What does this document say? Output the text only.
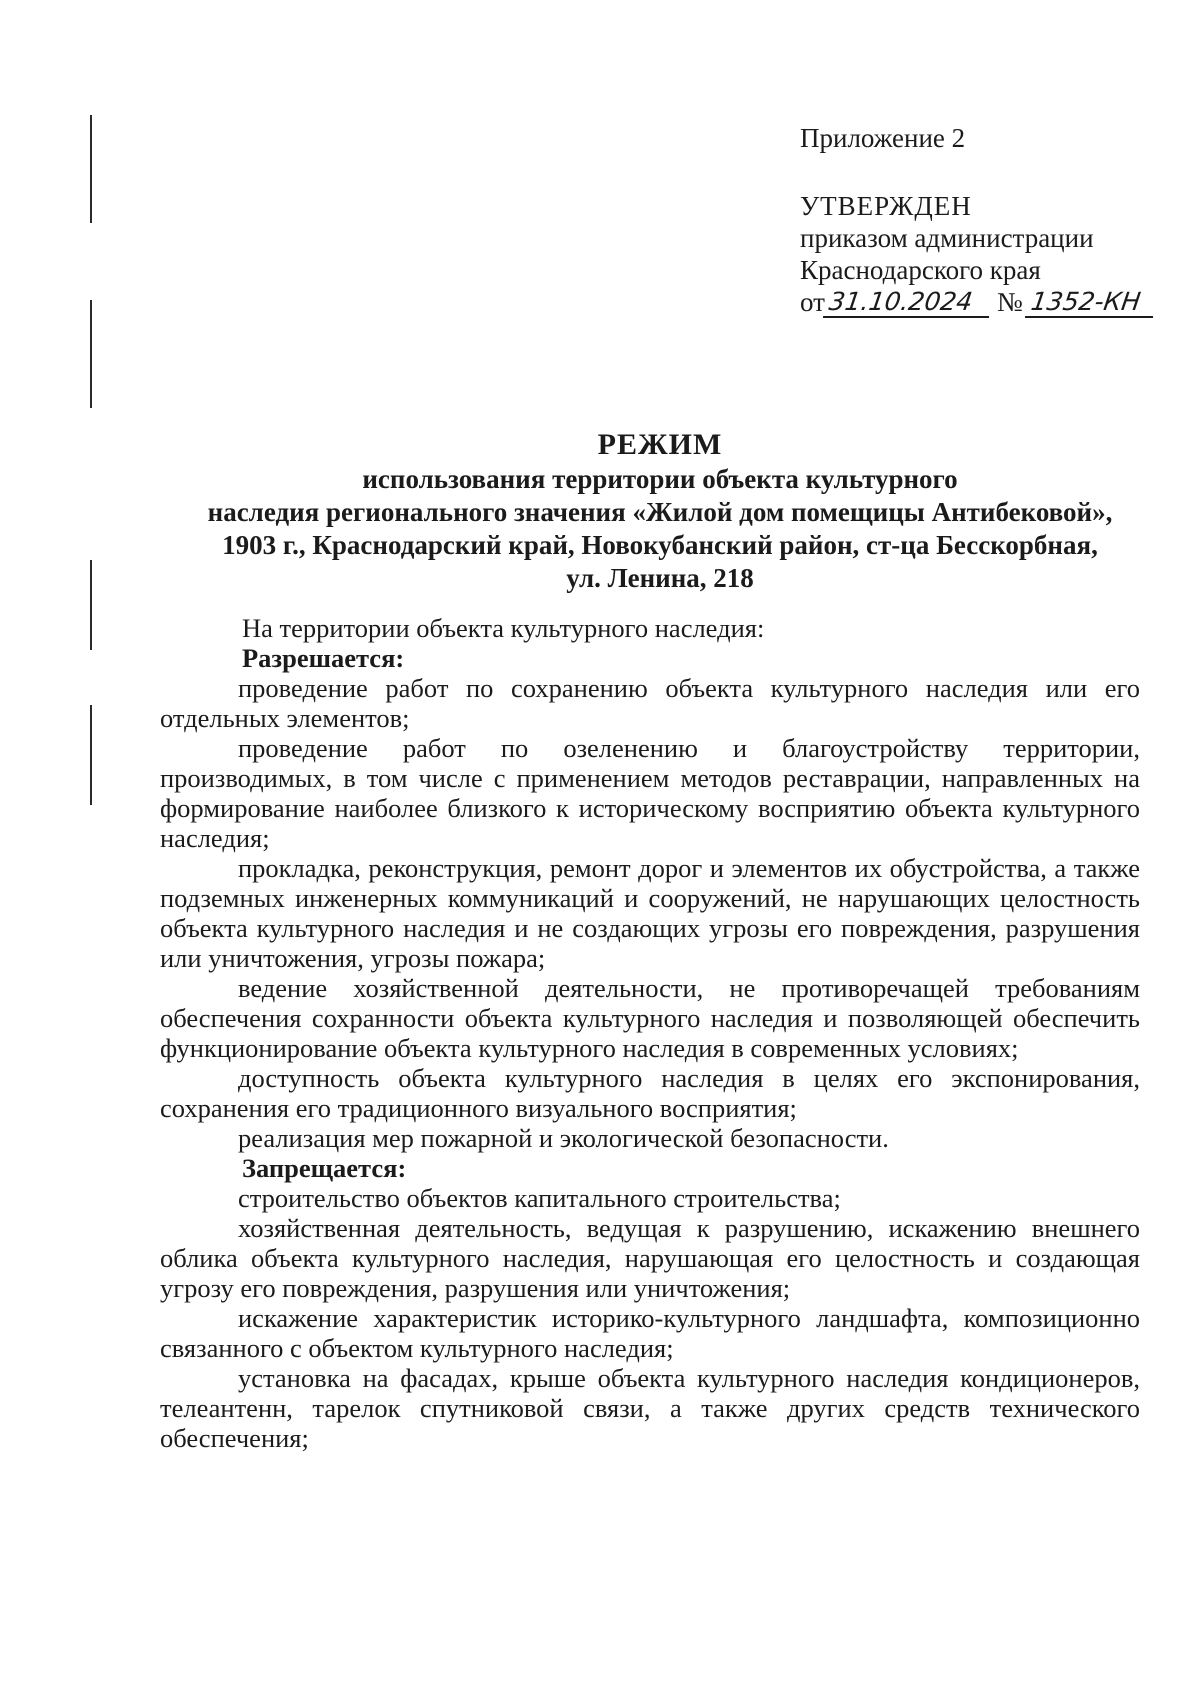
Приложение 2
УТВЕРЖДЕН
приказом администрации
Краснодарского края
от 31.10.2024 № 1352-КН
РЕЖИМ
использования территории объекта культурного
наследия регионального значения «Жилой дом помещицы Антибековой»,
1903 г., Краснодарский край, Новокубанский район, ст-ца Бесскорбная,
ул. Ленина, 218

На территории объекта культурного наследия:

Разрешается:

проведение работ по сохранению объекта культурного наследия или его отдельных элементов;

проведение работ по озеленению и благоустройству территории, производимых, в том числе с применением методов реставрации, направленных на формирование наиболее близкого к историческому восприятию объекта культурного наследия;

прокладка, реконструкция, ремонт дорог и элементов их обустройства, а также подземных инженерных коммуникаций и сооружений, не нарушающих целостность объекта культурного наследия и не создающих угрозы его повреждения, разрушения или уничтожения, угрозы пожара;

ведение хозяйственной деятельности, не противоречащей требованиям обеспечения сохранности объекта культурного наследия и позволяющей обеспечить функционирование объекта культурного наследия в современных условиях;

доступность объекта культурного наследия в целях его экспонирования, сохранения его традиционного визуального восприятия;

реализация мер пожарной и экологической безопасности.

Запрещается:

строительство объектов капитального строительства;

хозяйственная деятельность, ведущая к разрушению, искажению внешнего облика объекта культурного наследия, нарушающая его целостность и создающая угрозу его повреждения, разрушения или уничтожения;

искажение характеристик историко-культурного ландшафта, композиционно связанного с объектом культурного наследия;

установка на фасадах, крыше объекта культурного наследия кондиционеров, телеантенн, тарелок спутниковой связи, а также других средств технического обеспечения;
